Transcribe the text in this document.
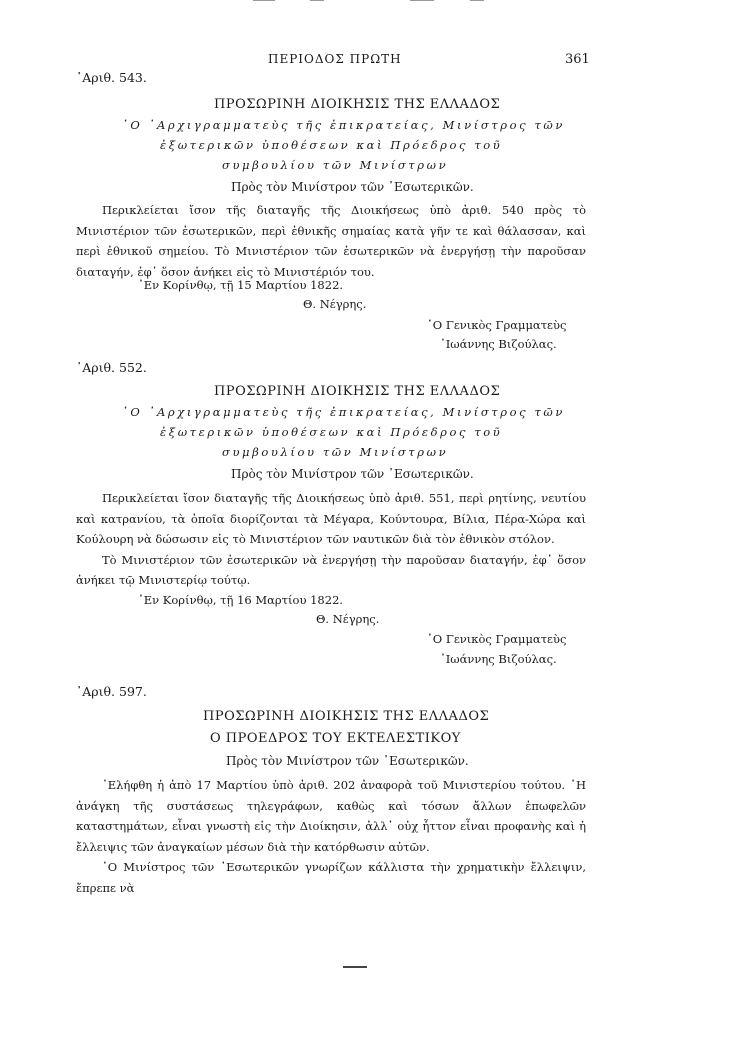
ΠΕΡΙΟΔΟΣ ΠΡΩΤΗ	361
᾿Αριθ. 543.
ΠΡΟΣΩΡΙΝΗ ΔΙΟΙΚΗΣΙΣ ΤΗΣ ΕΛΛΑΔΟΣ
῾Ο ᾿Αρχιγραμματεὺς τῆς ἐπικρατείας, Μινίστρος τῶν
ἐξωτερικῶν ὑποθέσεων καὶ Πρόεδρος τοῦ
συμβουλίου τῶν Μινίστρων
Πρὸς τὸν Μινίστρον τῶν ᾿Εσωτερικῶν.

Περικλείεται ἴσον τῆς διαταγῆς τῆς Διοικήσεως ὑπὸ ἀριθ. 540 πρὸς τὸ Μινιστέριον τῶν ἐσωτερικῶν, περὶ ἐθνικῆς σημαίας κατὰ γῆν τε καὶ θάλασσαν, καὶ περὶ ἐθνικοῦ σημείου. Τὸ Μινιστέριον τῶν ἐσωτερικῶν νὰ ἐνεργήσῃ τὴν παροῦσαν διαταγήν, ἐφ᾿ ὅσον ἀνήκει εἰς τὸ Μινιστέριόν του.

᾿Εν Κορίνθῳ, τῇ 15 Μαρτίου 1822.
Θ. Νέγρης.
῾Ο Γενικὸς Γραμματεὺς
᾿Ιωάννης Βιζούλας.
᾿Αριθ. 552.
ΠΡΟΣΩΡΙΝΗ ΔΙΟΙΚΗΣΙΣ ΤΗΣ ΕΛΛΑΔΟΣ
῾Ο ᾿Αρχιγραμματεὺς τῆς ἐπικρατείας, Μινίστρος τῶν
ἐξωτερικῶν ὑποθέσεων καὶ Πρόεδρος τοῦ
συμβουλίου τῶν Μινίστρων
Πρὸς τὸν Μινίστρον τῶν ᾿Εσωτερικῶν.

Περικλείεται ἴσον διαταγῆς τῆς Διοικήσεως ὑπὸ ἀριθ. 551, περὶ ρητίνης, νευτίου καὶ κατρανίου, τὰ ὁποῖα διορίζονται τὰ Μέγαρα, Κούντουρα, Βίλια, Πέρα-Χώρα καὶ Κούλουρη νὰ δώσωσιν εἰς τὸ Μινιστέριον τῶν ναυτικῶν διὰ τὸν ἐθνικὸν στόλον.

Τὸ Μινιστέριον τῶν ἐσωτερικῶν νὰ ἐνεργήσῃ τὴν παροῦσαν διαταγήν, ἐφ᾿ ὅσον ἀνήκει τῷ Μινιστερίῳ τούτῳ.

᾿Εν Κορίνθῳ, τῇ 16 Μαρτίου 1822.
Θ. Νέγρης.
῾Ο Γενικὸς Γραμματεὺς
᾿Ιωάννης Βιζούλας.
᾿Αριθ. 597.
ΠΡΟΣΩΡΙΝΗ ΔΙΟΙΚΗΣΙΣ ΤΗΣ ΕΛΛΑΔΟΣ
Ο ΠΡΟΕΔΡΟΣ ΤΟΥ ΕΚΤΕΛΕΣΤΙΚΟΥ
Πρὸς τὸν Μινίστρον τῶν ᾿Εσωτερικῶν.

᾿Ελήφθη ἡ ἀπὸ 17 Μαρτίου ὑπὸ ἀριθ. 202 ἀναφορὰ τοῦ Μινιστερίου τούτου. ῾Η ἀνάγκη τῆς συστάσεως τηλεγράφων, καθὼς καὶ τόσων ἄλλων ἐπωφελῶν καταστημάτων, εἶναι γνωστὴ εἰς τὴν Διοίκησιν, ἀλλ᾿ οὐχ ἧττον εἶναι προφανὴς καὶ ἡ ἔλλειψις τῶν ἀναγκαίων μέσων διὰ τὴν κατόρθωσιν αὐτῶν.

῾Ο Μινίστρος τῶν ᾿Εσωτερικῶν γνωρίζων κάλλιστα τὴν χρηματικὴν ἔλλειψιν, ἔπρεπε νὰ
